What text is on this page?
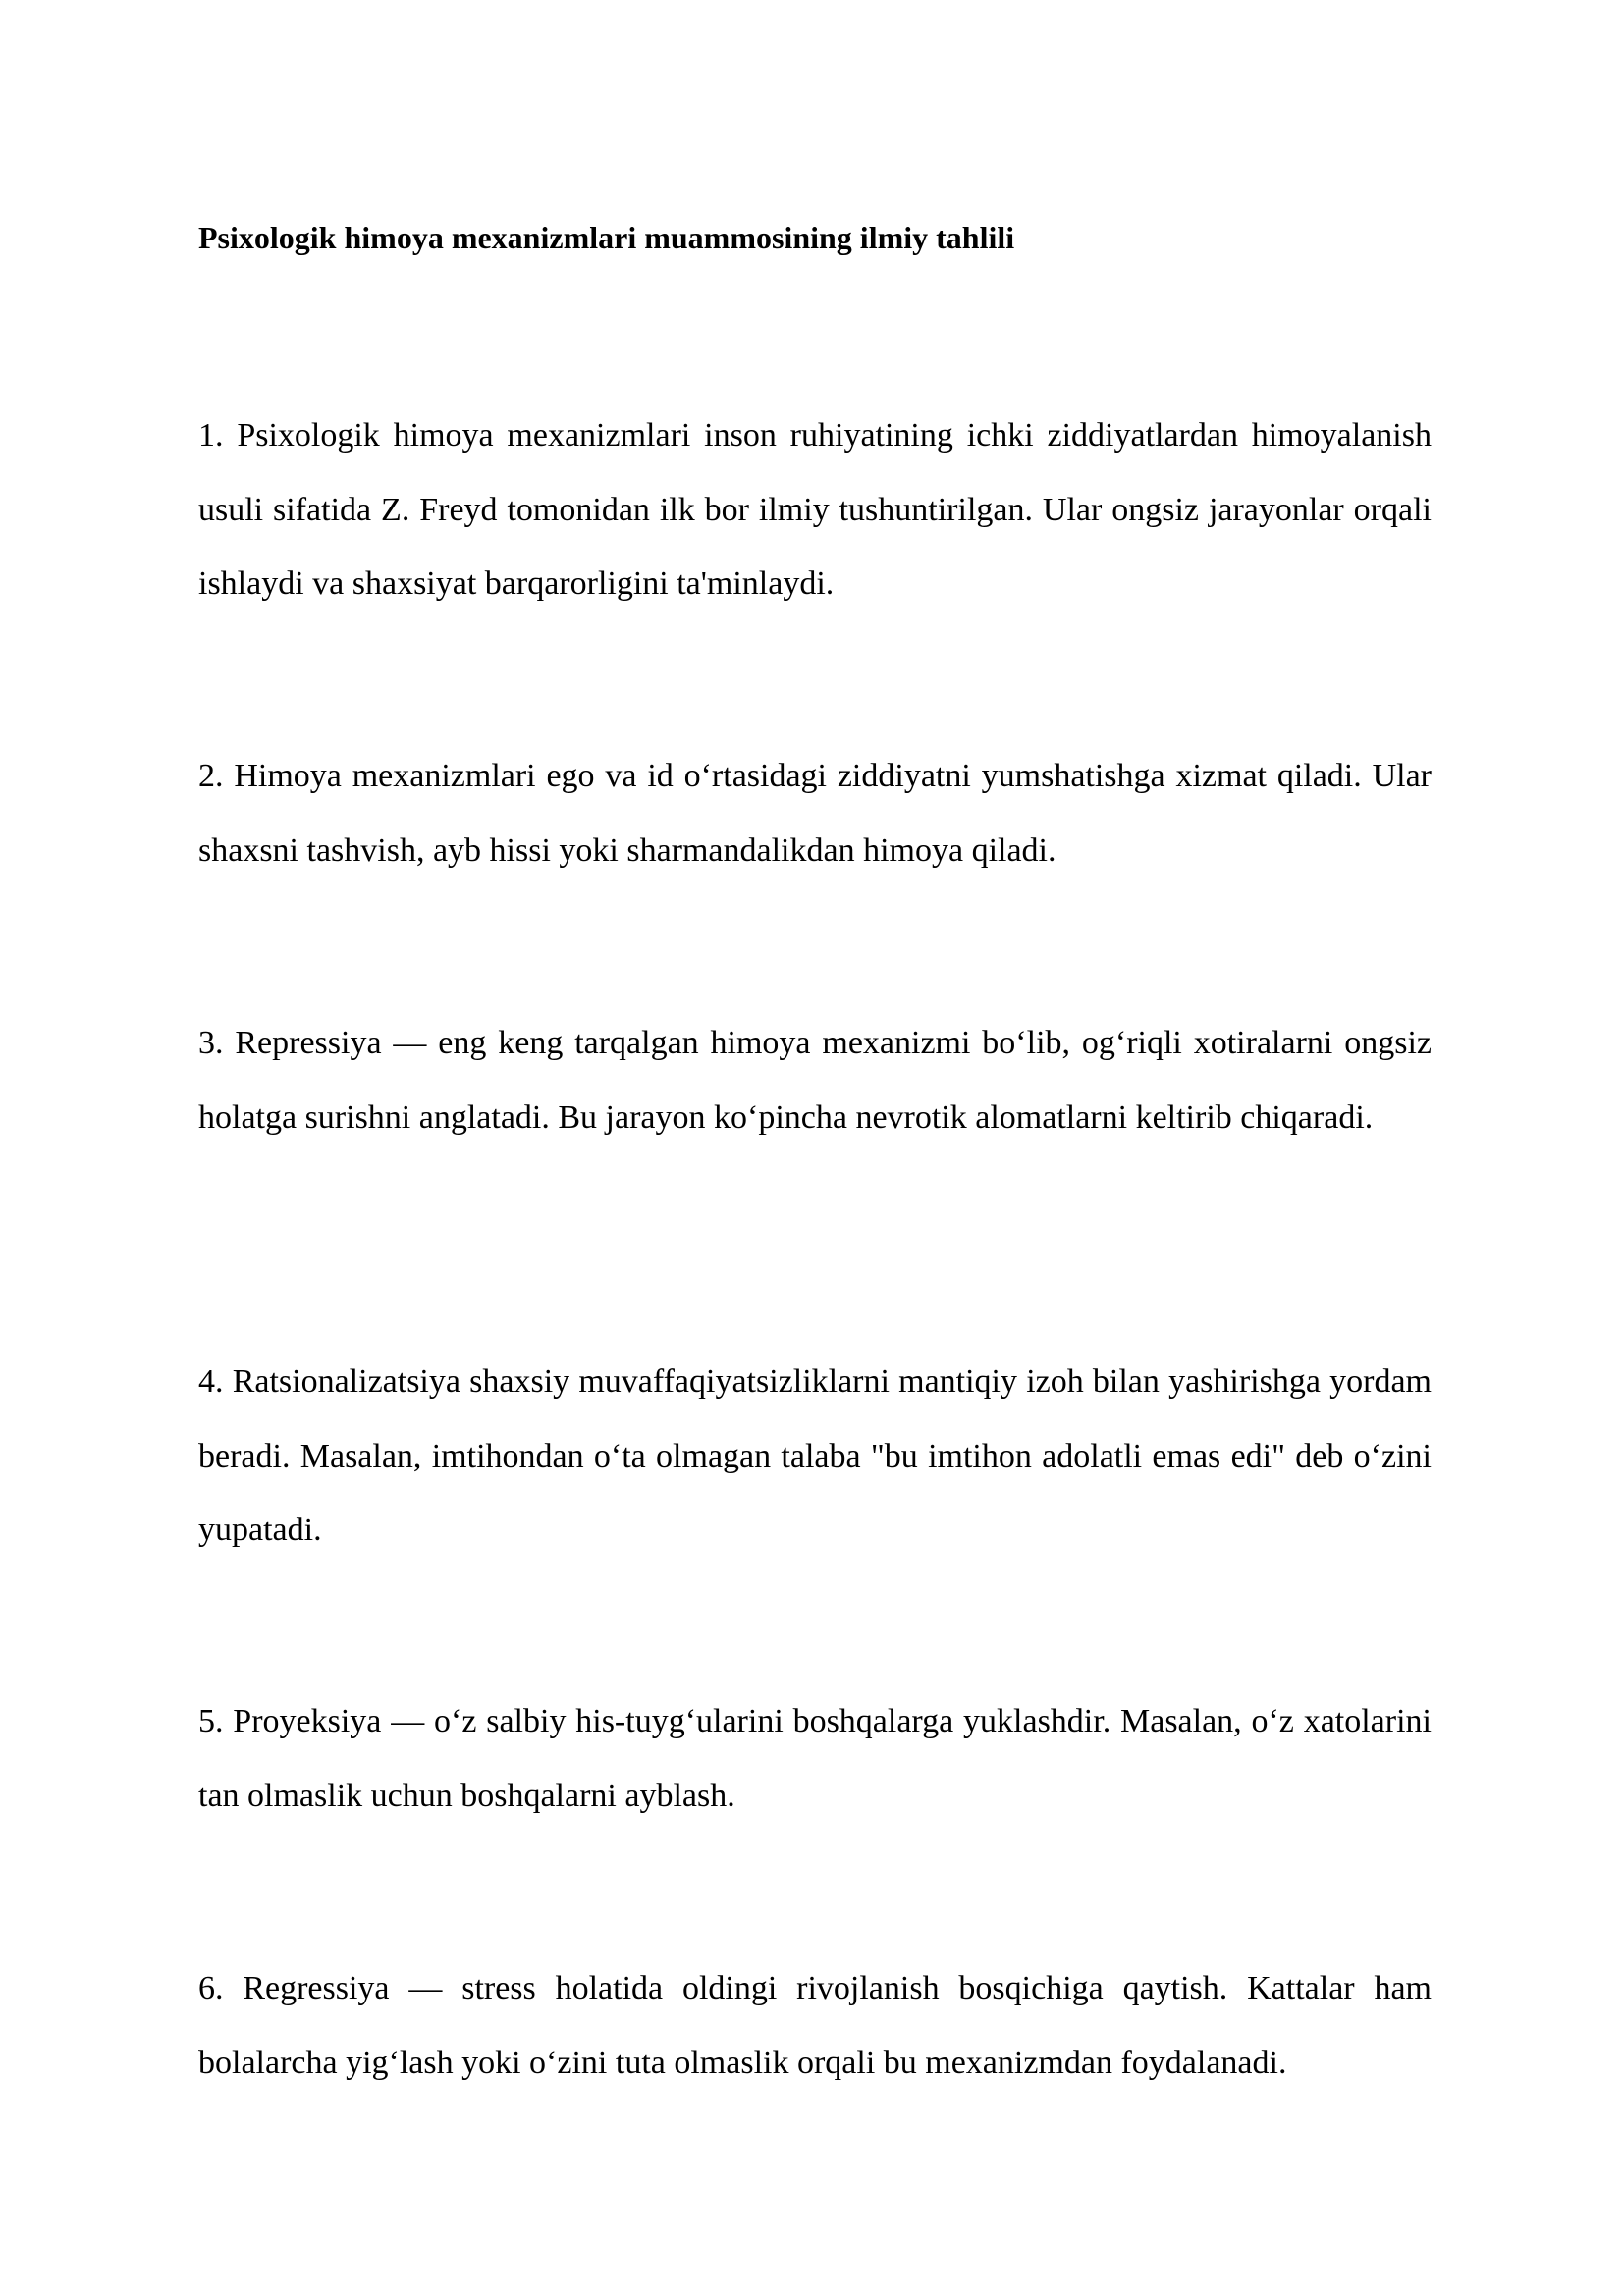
Psixologik himoya mexanizmlari muammosining ilmiy tahlili

1. Psixologik himoya mexanizmlari inson ruhiyatining ichki ziddiyatlardan himoyalanish usuli sifatida Z. Freyd tomonidan ilk bor ilmiy tushuntirilgan. Ular ongsiz jarayonlar orqali ishlaydi va shaxsiyat barqarorligini ta'minlaydi.

2. Himoya mexanizmlari ego va id o‘rtasidagi ziddiyatni yumshatishga xizmat qiladi. Ular shaxsni tashvish, ayb hissi yoki sharmandalikdan himoya qiladi.

3. Repressiya — eng keng tarqalgan himoya mexanizmi bo‘lib, og‘riqli xotiralarni ongsiz holatga surishni anglatadi. Bu jarayon ko‘pincha nevrotik alomatlarni keltirib chiqaradi.

4. Ratsionalizatsiya shaxsiy muvaffaqiyatsizliklarni mantiqiy izoh bilan yashirishga yordam beradi. Masalan, imtihondan o‘ta olmagan talaba "bu imtihon adolatli emas edi" deb o‘zini yupatadi.

5. Proyeksiya — o‘z salbiy his-tuyg‘ularini boshqalarga yuklashdir. Masalan, o‘z xatolarini tan olmaslik uchun boshqalarni ayblash.

6. Regressiya — stress holatida oldingi rivojlanish bosqichiga qaytish. Kattalar ham bolalarcha yig‘lash yoki o‘zini tuta olmaslik orqali bu mexanizmdan foydalanadi.
